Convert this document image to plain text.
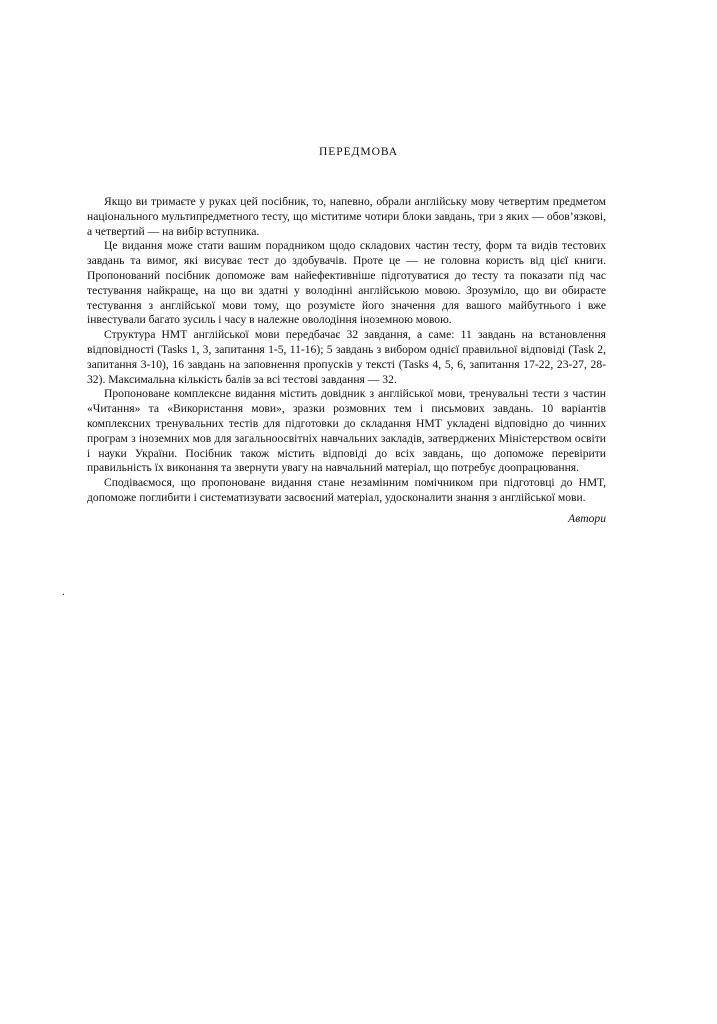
ПЕРЕДМОВА

Якщо ви тримаєте у руках цей посібник, то, напевно, обрали англійську мову четвертим предметом національного мультипредметного тесту, що міститиме чотири блоки завдань, три з яких — обов’язкові, а четвертий — на вибір вступника.

Це видання може стати вашим порадником щодо складових частин тесту, форм та видів тестових завдань та вимог, які висуває тест до здобувачів. Проте це — не головна користь від цієї книги. Пропонований посібник допоможе вам найефективніше підготуватися до тесту та показати під час тестування найкраще, на що ви здатні у володінні англійською мовою. Зрозуміло, що ви обираєте тестування з англійської мови тому, що розумієте його значення для вашого майбутнього і вже інвестували багато зусиль і часу в належне оволодіння іноземною мовою.

Структура НМТ англійської мови передбачає 32 завдання, а саме: 11 завдань на встановлення відповідності (Tasks 1, 3, запитання 1-5, 11-16); 5 завдань з вибором однієї правильної відповіді (Task 2, запитання 3-10), 16 завдань на заповнення пропусків у тексті (Tasks 4, 5, 6, запитання 17-22, 23-27, 28-32). Максимальна кількість балів за всі тестові завдання — 32.

Пропоноване комплексне видання містить довідник з англійської мови, тренувальні тести з частин «Читання» та «Використання мови», зразки розмовних тем і письмових завдань. 10 варіантів комплексних тренувальних тестів для підготовки до складання НМТ укладені відповідно до чинних програм з іноземних мов для загальноосвітніх навчальних закладів, затверджених Міністерством освіти і науки України. Посібник також містить відповіді до всіх завдань, що допоможе перевірити правильність їх виконання та звернути увагу на навчальний матеріал, що потребує доопрацювання.

Сподіваємося, що пропоноване видання стане незамінним помічником при підготовці до НМТ, допоможе поглибити і систематизувати засвоєний матеріал, удосконалити знання з англійської мови.

Автори

.
